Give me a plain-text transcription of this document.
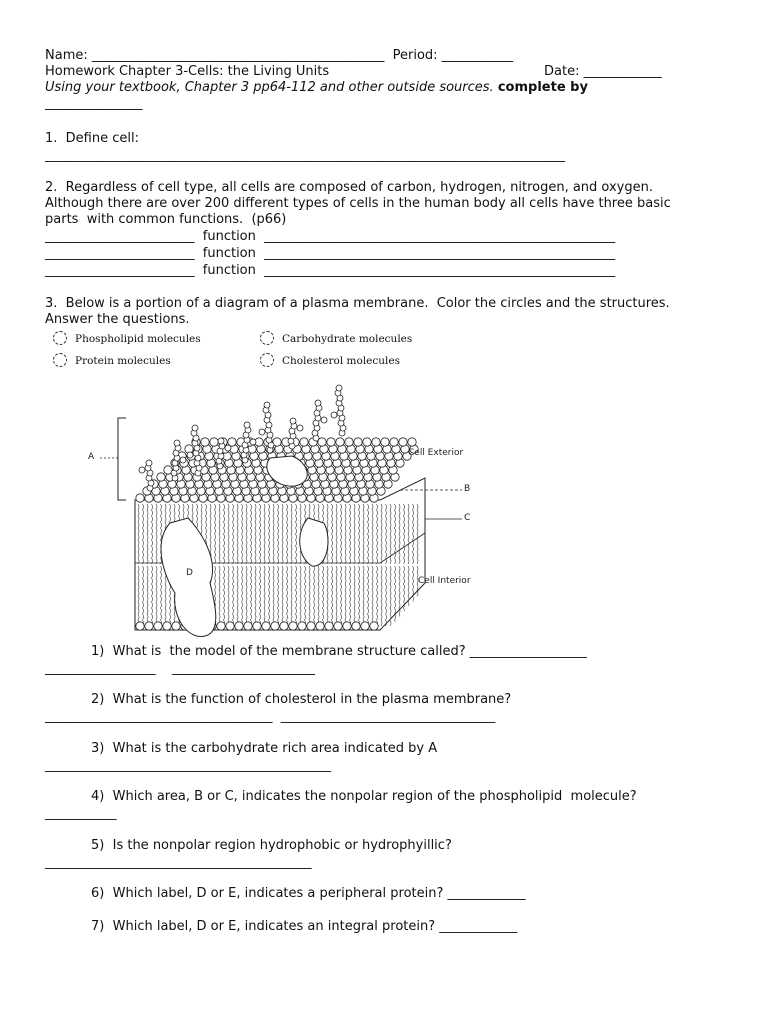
Name: _____________________________________________  Period: ___________
Homework Chapter 3-Cells: the Living Units	Date: ____________
Using your textbook, Chapter 3 pp64-112 and other outside sources. complete by
_______________
1.  Define cell:
________________________________________________________________________________
2.  Regardless of cell type, all cells are composed of carbon, hydrogen, nitrogen, and oxygen.
Although there are over 200 different types of cells in the human body all cells have three basic
parts  with common functions.  (p66)
_______________________  function  ______________________________________________________
_______________________  function  ______________________________________________________
_______________________  function  ______________________________________________________
3.  Below is a portion of a diagram of a plasma membrane.  Color the circles and the structures.
Answer the questions.
Phospholipid molecules	Carbohydrate molecules
Protein molecules	Cholesterol molecules
A
B
C
D
Cell Exterior
Cell Interior
1)  What is  the model of the membrane structure called? __________________
_________________    ______________________
2)  What is the function of cholesterol in the plasma membrane?
___________________________________  _________________________________
3)  What is the carbohydrate rich area indicated by A
____________________________________________
4)  Which area, B or C, indicates the nonpolar region of the phospholipid  molecule?
___________
5)  Is the nonpolar region hydrophobic or hydrophyillic?
_________________________________________
6)  Which label, D or E, indicates a peripheral protein? ____________
7)  Which label, D or E, indicates an integral protein? ____________
